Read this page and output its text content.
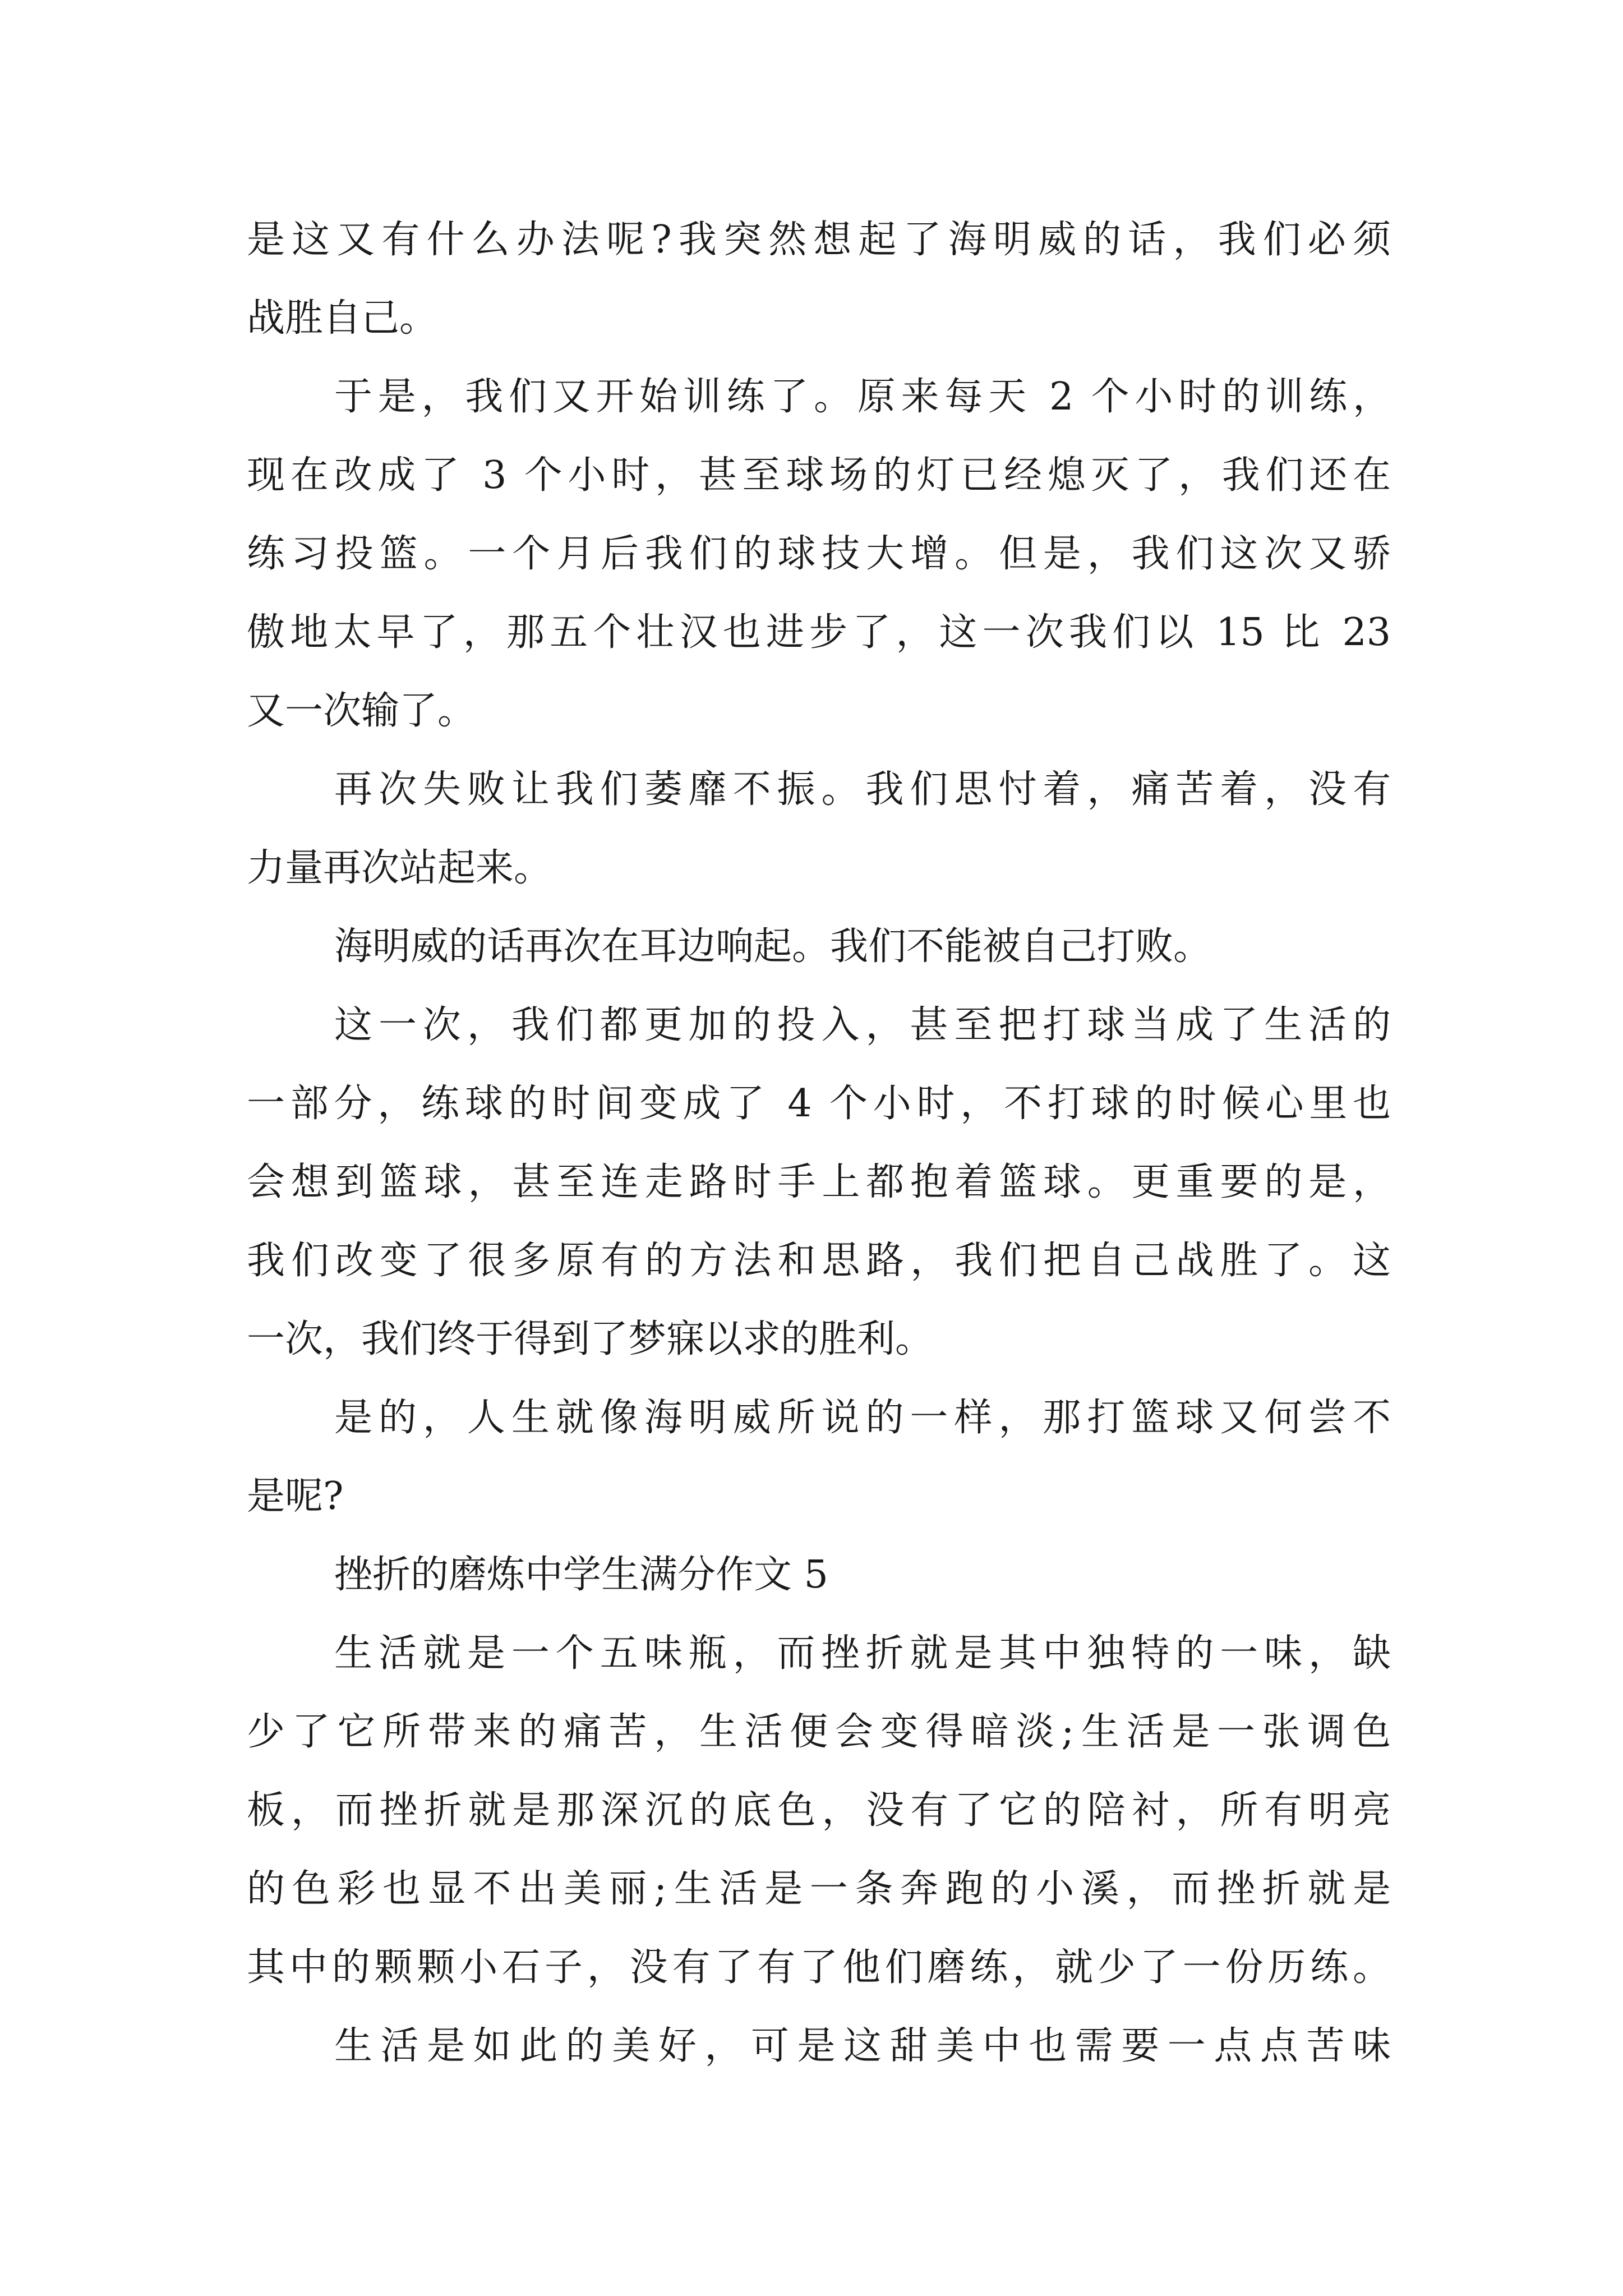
是这又有什么办法呢?我突然想起了海明威的话，我们必须
战胜自己。
于是，我们又开始训练了。原来每天 2 个小时的训练，
现在改成了 3 个小时，甚至球场的灯已经熄灭了，我们还在
练习投篮。一个月后我们的球技大增。但是，我们这次又骄
傲地太早了，那五个壮汉也进步了，这一次我们以 15 比 23
又一次输了。
再次失败让我们萎靡不振。我们思忖着，痛苦着，没有
力量再次站起来。
海明威的话再次在耳边响起。我们不能被自己打败。
这一次，我们都更加的投入，甚至把打球当成了生活的
一部分，练球的时间变成了 4 个小时，不打球的时候心里也
会想到篮球，甚至连走路时手上都抱着篮球。更重要的是，
我们改变了很多原有的方法和思路，我们把自己战胜了。这
一次，我们终于得到了梦寐以求的胜利。
是的，人生就像海明威所说的一样，那打篮球又何尝不
是呢?
挫折的磨炼中学生满分作文 5
生活就是一个五味瓶，而挫折就是其中独特的一味，缺
少了它所带来的痛苦，生活便会变得暗淡;生活是一张调色
板，而挫折就是那深沉的底色，没有了它的陪衬，所有明亮
的色彩也显不出美丽;生活是一条奔跑的小溪，而挫折就是
其中的颗颗小石子，没有了有了他们磨练，就少了一份历练。
生活是如此的美好，可是这甜美中也需要一点点苦味
